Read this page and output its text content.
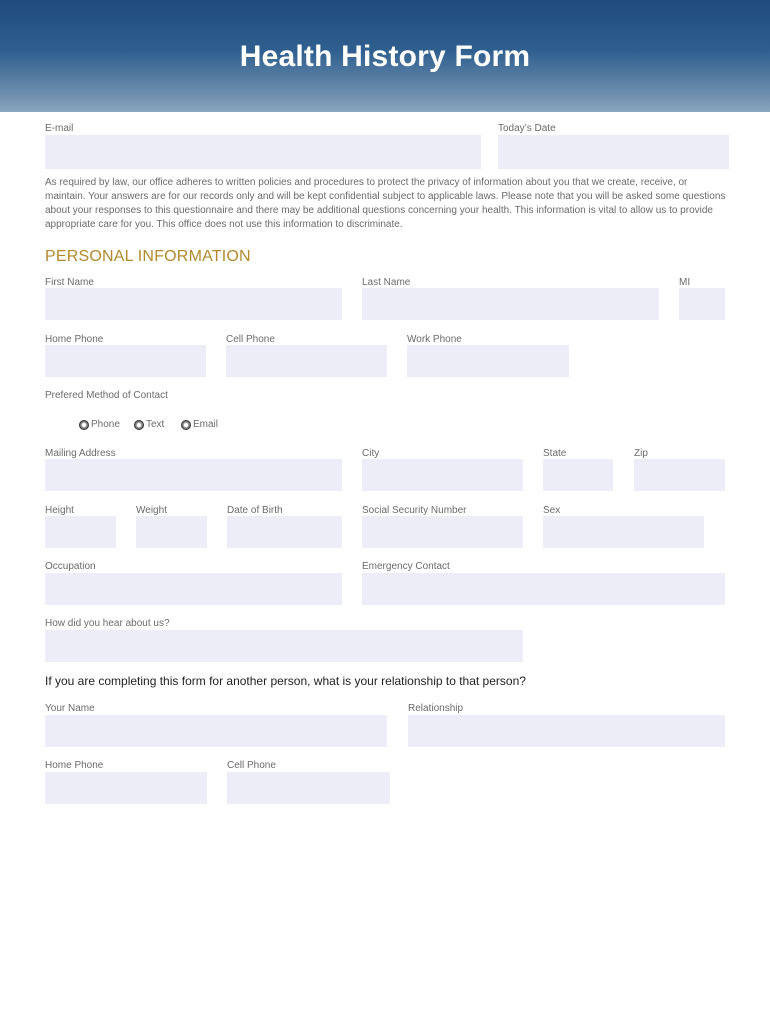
Health History Form
E-mail	Today’s Date
As required by law, our office adheres to written policies and procedures to protect the privacy of information about you that we create, receive, or maintain. Your answers are for our records only and will be kept confidential subject to applicable laws. Please note that you will be asked some questions about your responses to this questionnaire and there may be additional questions concerning your health. This information is vital to allow us to provide appropriate care for you. This office does not use this information to discriminate.
PERSONAL INFORMATION
First Name	Last Name	MI
Home Phone	Cell Phone	Work Phone
Prefered Method of Contact
Phone	Text	Email
Mailing Address	City	State	Zip
Height	Weight	Date of Birth	Social Security Number	Sex
Occupation	Emergency Contact
How did you hear about us?
If you are completing this form for another person, what is your relationship to that person?
Your Name	Relationship
Home Phone	Cell Phone
